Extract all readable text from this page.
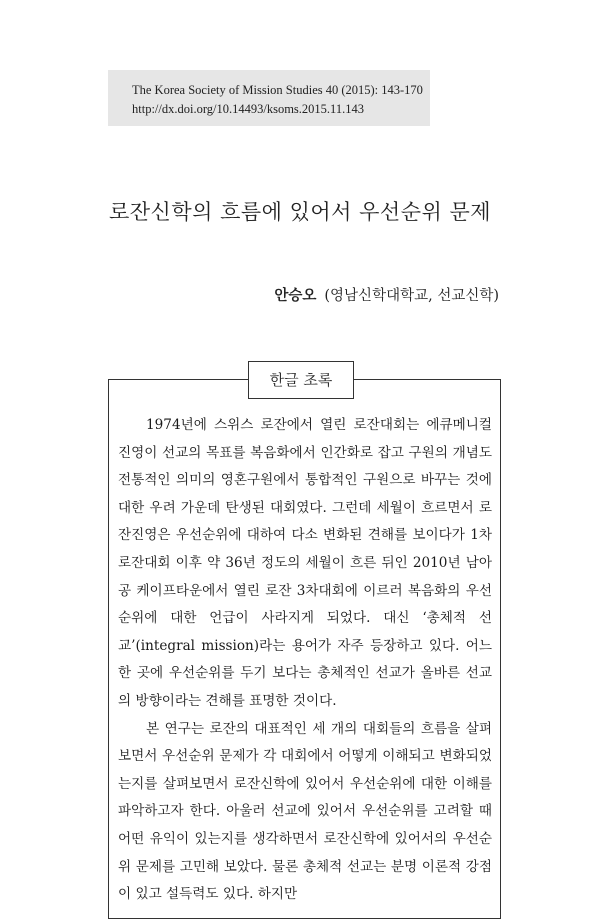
The Korea Society of Mission Studies 40 (2015): 143-170
http://dx.doi.org/10.14493/ksoms.2015.11.143
로잔신학의 흐름에 있어서 우선순위 문제
안승오 (영남신학대학교, 선교신학)
한글 초록

1974년에 스위스 로잔에서 열린 로잔대회는 에큐메니컬 진영이 선교의 목표를 복음화에서 인간화로 잡고 구원의 개념도 전통적인 의미의 영혼구원에서 통합적인 구원으로 바꾸는 것에 대한 우려 가운데 탄생된 대회였다. 그런데 세월이 흐르면서 로잔진영은 우선순위에 대하여 다소 변화된 견해를 보이다가 1차 로잔대회 이후 약 36년 정도의 세월이 흐른 뒤인 2010년 남아공 케이프타운에서 열린 로잔 3차대회에 이르러 복음화의 우선순위에 대한 언급이 사라지게 되었다. 대신 ‘총체적 선교’(integral mission)라는 용어가 자주 등장하고 있다. 어느 한 곳에 우선순위를 두기 보다는 총체적인 선교가 올바른 선교의 방향이라는 견해를 표명한 것이다.

본 연구는 로잔의 대표적인 세 개의 대회들의 흐름을 살펴보면서 우선순위 문제가 각 대회에서 어떻게 이해되고 변화되었는지를 살펴보면서 로잔신학에 있어서 우선순위에 대한 이해를 파악하고자 한다. 아울러 선교에 있어서 우선순위를 고려할 때 어떤 유익이 있는지를 생각하면서 로잔신학에 있어서의 우선순위 문제를 고민해 보았다. 물론 총체적 선교는 분명 이론적 강점이 있고 설득력도 있다. 하지만
